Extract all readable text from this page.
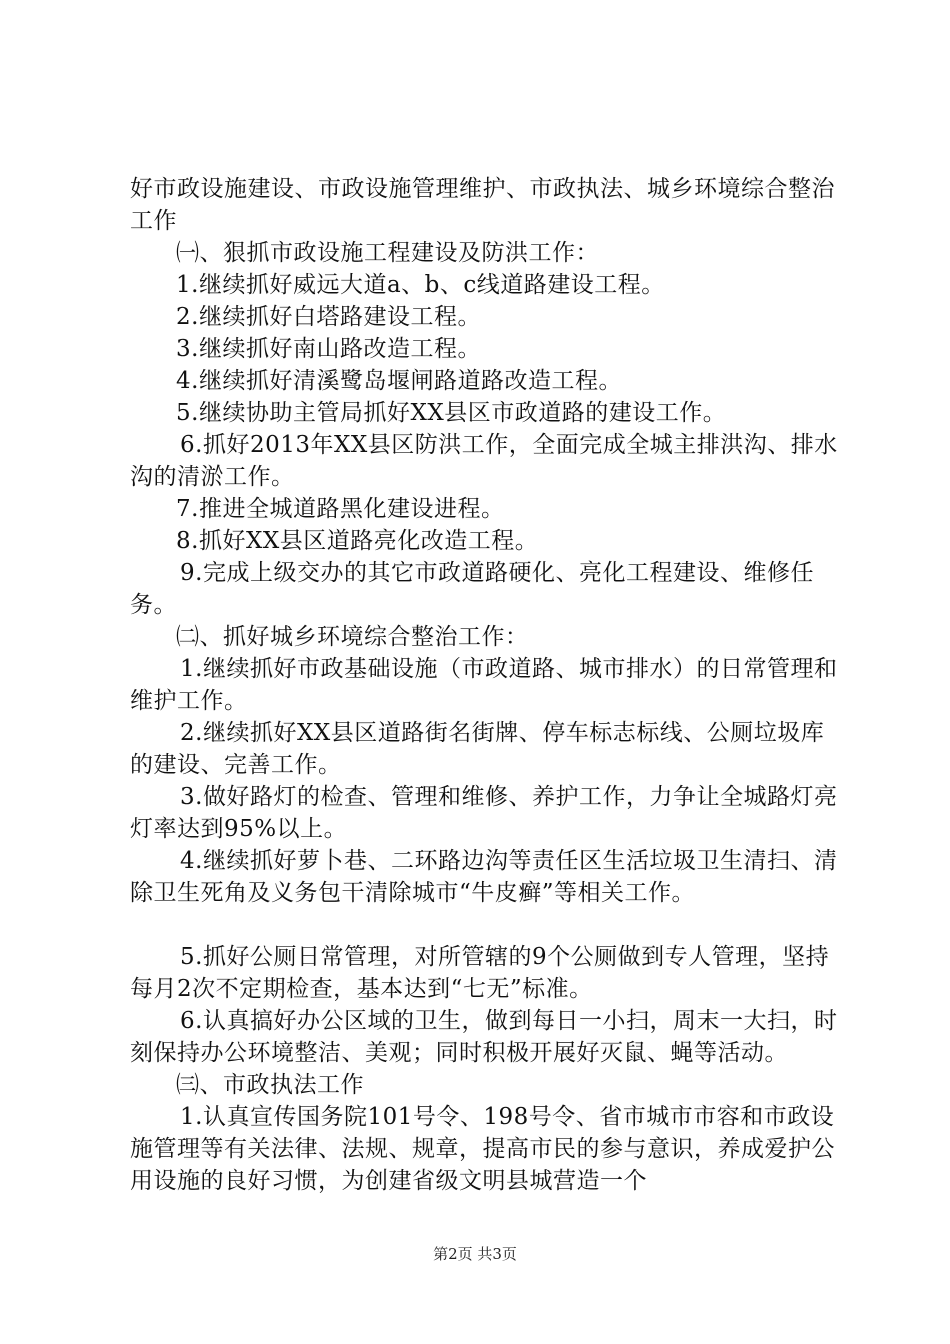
好市政设施建设、市政设施管理维护、市政执法、城乡环境综合整治工作

㈠、狠抓市政设施工程建设及防洪工作：

1.继续抓好威远大道a、b、c线道路建设工程。

2.继续抓好白塔路建设工程。

3.继续抓好南山路改造工程。

4.继续抓好清溪鹭岛堰闸路道路改造工程。

5.继续协助主管局抓好XX县区市政道路的建设工作。

6.抓好2013年XX县区防洪工作，全面完成全城主排洪沟、排水沟的清淤工作。

7.推进全城道路黑化建设进程。

8.抓好XX县区道路亮化改造工程。

9.完成上级交办的其它市政道路硬化、亮化工程建设、维修任务。

㈡、抓好城乡环境综合整治工作：

1.继续抓好市政基础设施（市政道路、城市排水）的日常管理和维护工作。

2.继续抓好XX县区道路街名街牌、停车标志标线、公厕垃圾库的建设、完善工作。

3.做好路灯的检查、管理和维修、养护工作，力争让全城路灯亮灯率达到95%以上。

4.继续抓好萝卜巷、二环路边沟等责任区生活垃圾卫生清扫、清除卫生死角及义务包干清除城市“牛皮癣”等相关工作。

5.抓好公厕日常管理，对所管辖的9个公厕做到专人管理，坚持每月2次不定期检查，基本达到“七无”标准。

6.认真搞好办公区域的卫生，做到每日一小扫，周末一大扫，时刻保持办公环境整洁、美观；同时积极开展好灭鼠、蝇等活动。

㈢、市政执法工作

1.认真宣传国务院101号令、198号令、省市城市市容和市政设施管理等有关法律、法规、规章，提高市民的参与意识，养成爱护公用设施的良好习惯，为创建省级文明县城营造一个

第2页 共3页
